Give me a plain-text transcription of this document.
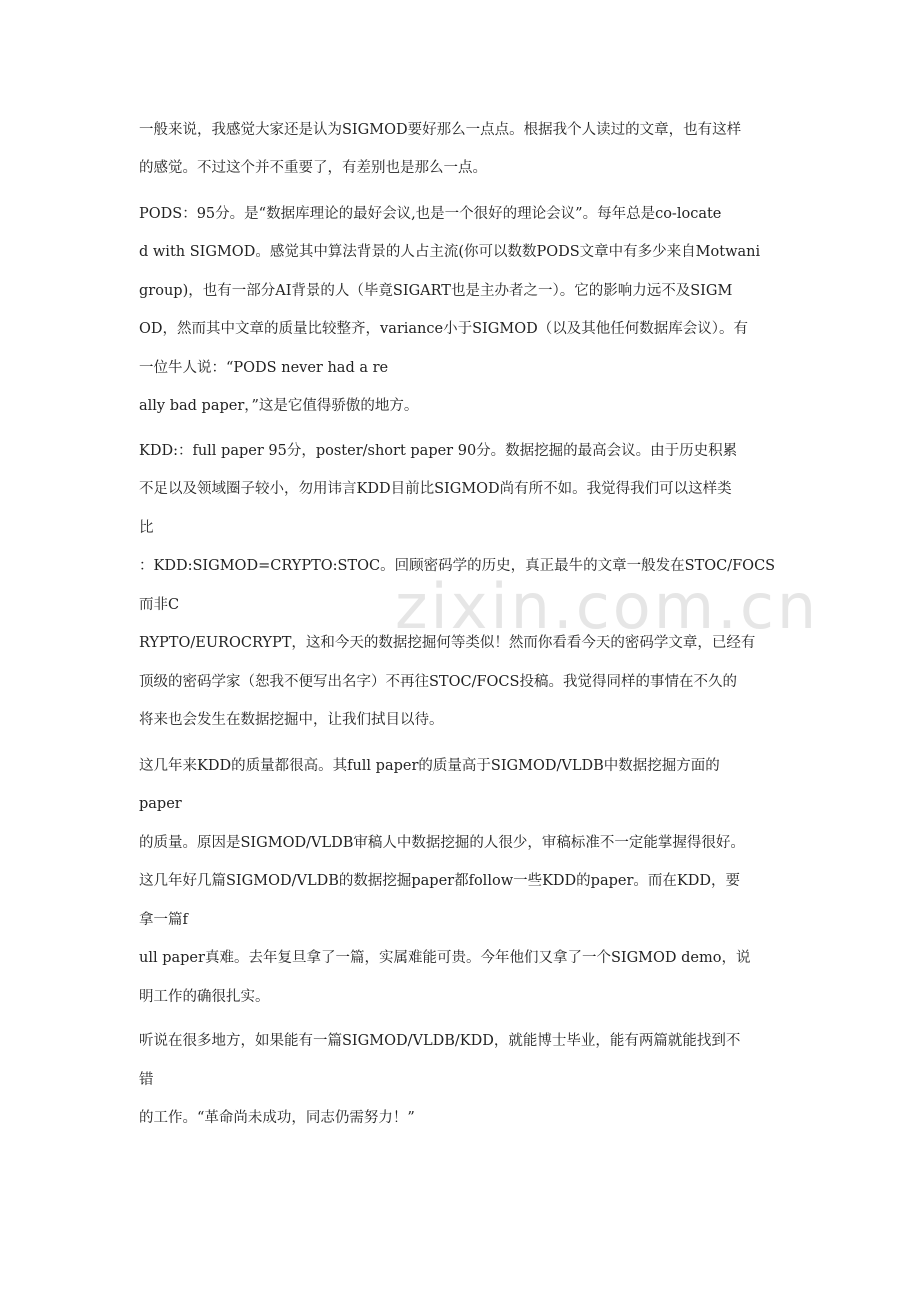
zixin.com.cn

一般来说，我感觉大家还是认为SIGMOD要好那么一点点。根据我个人读过的文章，也有这样

的感觉。不过这个并不重要了，有差别也是那么一点。

PODS：95分。是“数据库理论的最好会议,也是一个很好的理论会议”。每年总是co-locate

d with SIGMOD。感觉其中算法背景的人占主流(你可以数数PODS文章中有多少来自Motwani

group)，也有一部分AI背景的人（毕竟SIGART也是主办者之一）。它的影响力远不及SIGM

OD，然而其中文章的质量比较整齐，variance小于SIGMOD（以及其他任何数据库会议）。有

一位牛人说：“PODS never had a re

ally bad paper，”这是它值得骄傲的地方。

KDD:：full paper 95分，poster/short paper 90分。数据挖掘的最高会议。由于历史积累

不足以及领域圈子较小，勿用讳言KDD目前比SIGMOD尚有所不如。我觉得我们可以这样类

比

：KDD:SIGMOD=CRYPTO:STOC。回顾密码学的历史，真正最牛的文章一般发在STOC/FOCS

而非C

RYPTO/EUROCRYPT，这和今天的数据挖掘何等类似！然而你看看今天的密码学文章，已经有

顶级的密码学家（恕我不便写出名字）不再往STOC/FOCS投稿。我觉得同样的事情在不久的

将来也会发生在数据挖掘中，让我们拭目以待。

这几年来KDD的质量都很高。其full paper的质量高于SIGMOD/VLDB中数据挖掘方面的

paper

的质量。原因是SIGMOD/VLDB审稿人中数据挖掘的人很少，审稿标准不一定能掌握得很好。

这几年好几篇SIGMOD/VLDB的数据挖掘paper都follow一些KDD的paper。而在KDD，要

拿一篇f

ull paper真难。去年复旦拿了一篇，实属难能可贵。今年他们又拿了一个SIGMOD demo，说

明工作的确很扎实。

听说在很多地方，如果能有一篇SIGMOD/VLDB/KDD，就能博士毕业，能有两篇就能找到不

错

的工作。“革命尚未成功，同志仍需努力！”
